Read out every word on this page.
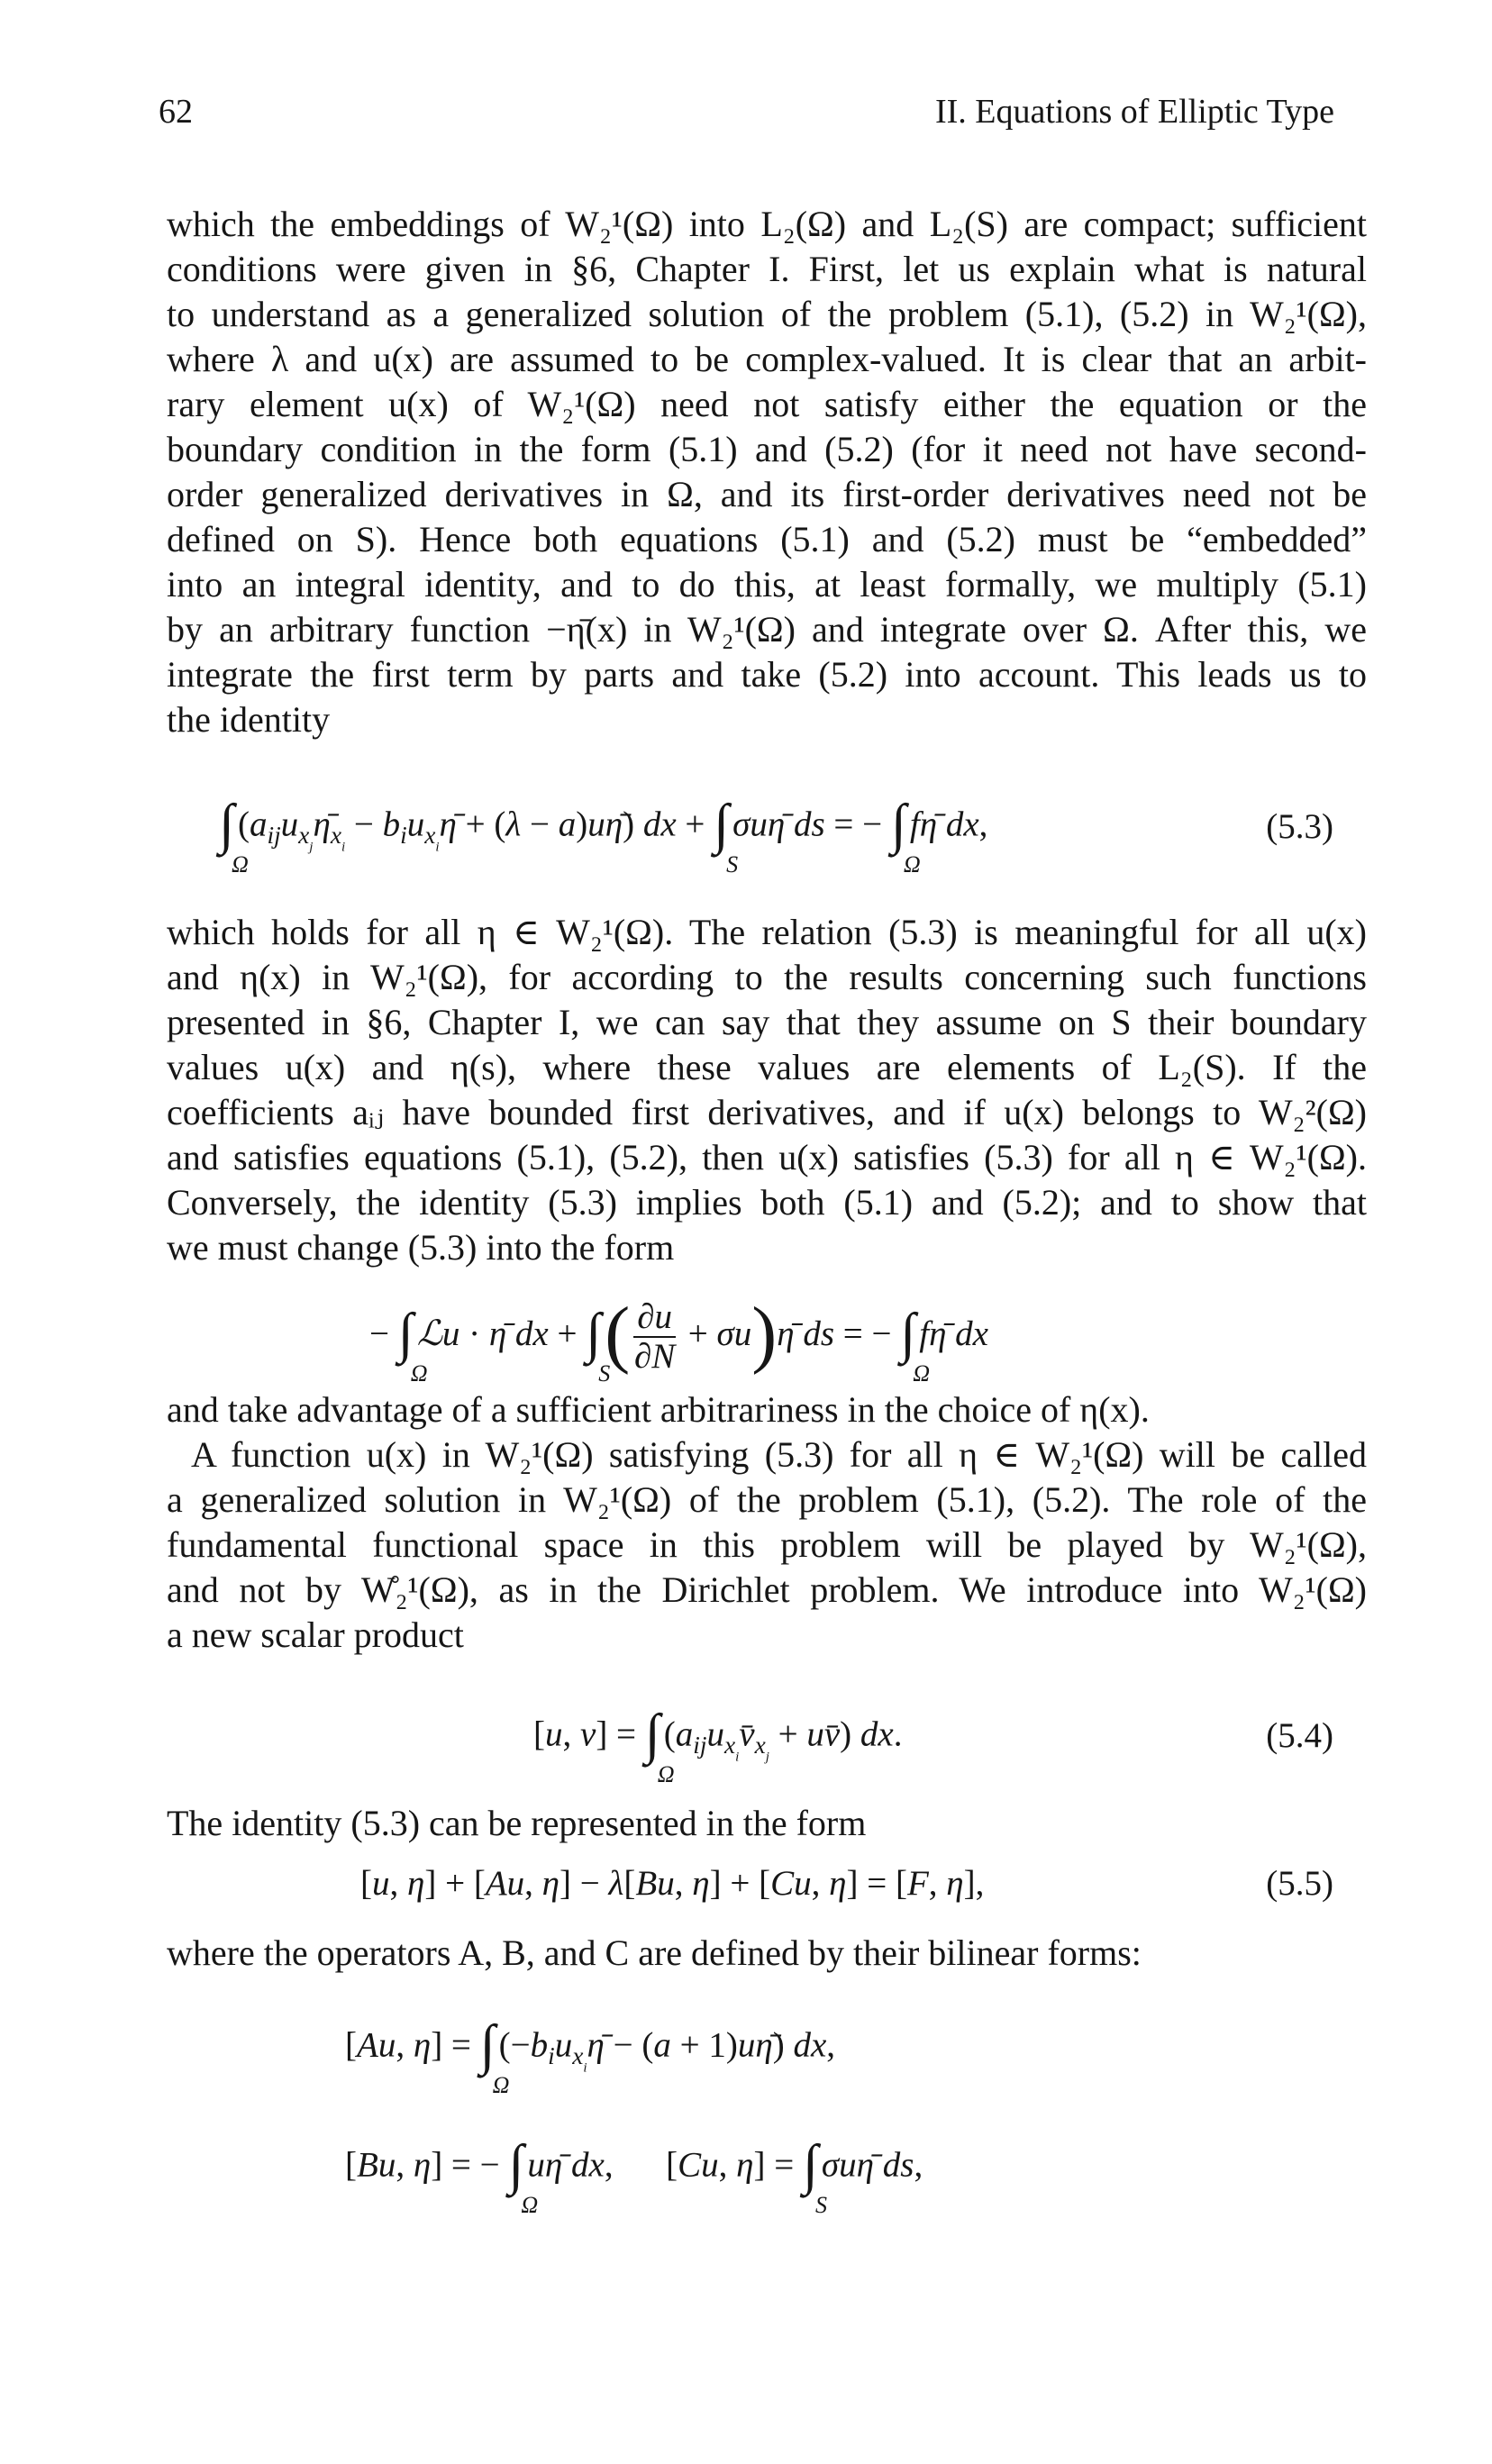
62	II. Equations of Elliptic Type

which the embeddings of W₂¹(Ω) into L₂(Ω) and L₂(S) are compact; sufficient

conditions were given in §6, Chapter I. First, let us explain what is natural

to understand as a generalized solution of the problem (5.1), (5.2) in W₂¹(Ω),

where λ and u(x) are assumed to be complex-valued. It is clear that an arbit-

rary element u(x) of W₂¹(Ω) need not satisfy either the equation or the

boundary condition in the form (5.1) and (5.2) (for it need not have second-

order generalized derivatives in Ω, and its first-order derivatives need not be

defined on S). Hence both equations (5.1) and (5.2) must be “embedded”

into an integral identity, and to do this, at least formally, we multiply (5.1)

by an arbitrary function −η̄(x) in W₂¹(Ω) and integrate over Ω. After this, we

integrate the first term by parts and take (5.2) into account. This leads us to

the identity

∫
Ω
($a_{ij}u_{x_j}\etā_{x_i}$ − $b_iu_{x_i}\etā + (\lambda$ − a)uη̄) dx + ∫
S
σuη̄ ds = − ∫
Ω
fη̄ dx,	(5.3)

which holds for all η ∈ W₂¹(Ω). The relation (5.3) is meaningful for all u(x)

and η(x) in W₂¹(Ω), for according to the results concerning such functions

presented in §6, Chapter I, we can say that they assume on S their boundary

values u(x) and η(s), where these values are elements of L₂(S). If the

coefficients aᵢⱼ have bounded first derivatives, and if u(x) belongs to W₂²(Ω)

and satisfies equations (5.1), (5.2), then u(x) satisfies (5.3) for all η ∈ W₂¹(Ω).

Conversely, the identity (5.3) implies both (5.1) and (5.2); and to show that

we must change (5.3) into the form

− ∫
Ω
ℒu · η̄ dx + ∫
S
( $\frac{\partial u}{\partial N}$ + σu)η̄ ds = − ∫
Ω
fη̄ dx

and take advantage of a sufficient arbitrariness in the choice of η(x).

A function u(x) in W₂¹(Ω) satisfying (5.3) for all η ∈ W₂¹(Ω) will be called

a generalized solution in W₂¹(Ω) of the problem (5.1), (5.2). The role of the

fundamental functional space in this problem will be played by W₂¹(Ω),

and not by W̊₂¹(Ω), as in the Dirichlet problem. We introduce into W₂¹(Ω)

a new scalar product

[u, v] = ∫
Ω
($a_{ij}u_{x_i}v̄_{x_j}$ + uv̄) dx.	(5.4)

The identity (5.3) can be represented in the form

[u, η] + [Au, η] − λ[Bu, η] + [Cu, η] = [F, η],	(5.5)

where the operators A, B, and C are defined by their bilinear forms:

[Au, η] = ∫
Ω
($-b_iu_{x_i}\etā - (a$ + 1)uη̄) dx,
[Bu, η] = − ∫
Ω
uη̄ dx,      [Cu, η] = ∫
S
σuη̄ ds,
